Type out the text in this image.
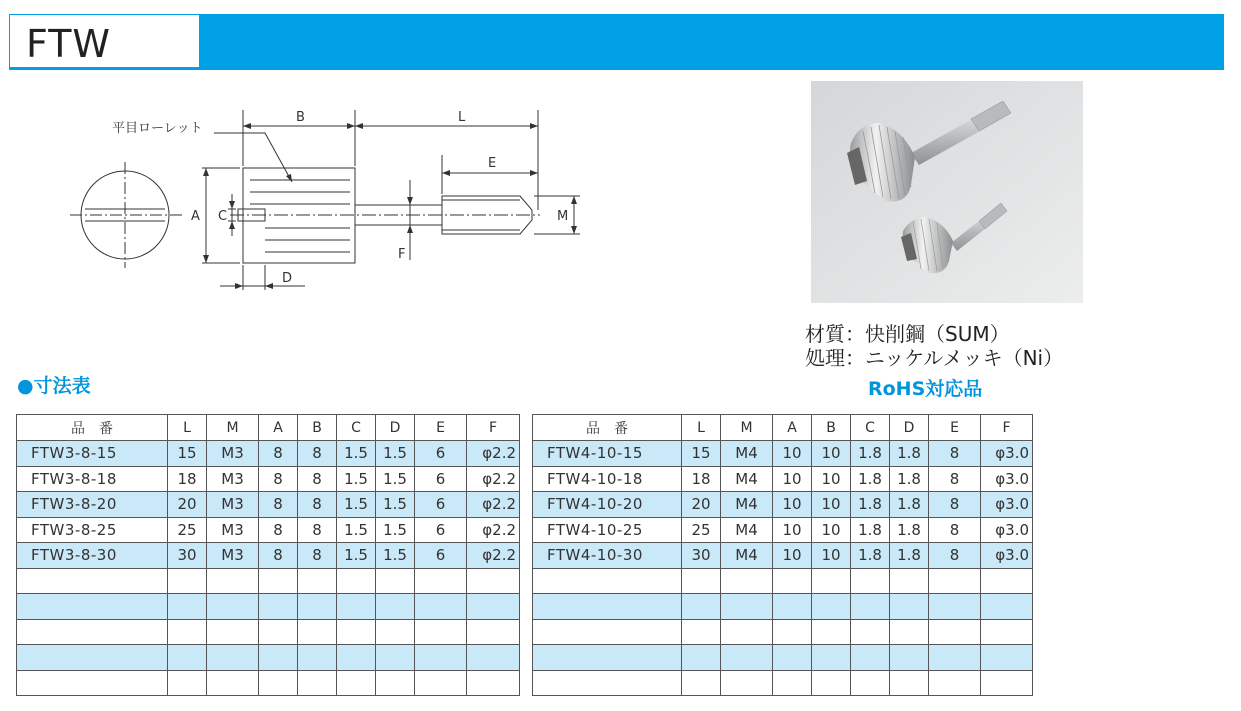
FTW
平目ローレット
B	L
E
A C
F
M
D
材質：快削鋼（SUM）
処理：ニッケルメッキ（Ni）
RoHS対応品
●寸法表
品　番	L	M	A	B	C	D	E	F
FTW3-8-15	15	M3	8	8	1.5	1.5	6	φ2.2
FTW3-8-18	18	M3	8	8	1.5	1.5	6	φ2.2
FTW3-8-20	20	M3	8	8	1.5	1.5	6	φ2.2
FTW3-8-25	25	M3	8	8	1.5	1.5	6	φ2.2
FTW3-8-30	30	M3	8	8	1.5	1.5	6	φ2.2

品　番	L	M	A	B	C	D	E	F
FTW4-10-15	15	M4	10	10	1.8	1.8	8	φ3.0
FTW4-10-18	18	M4	10	10	1.8	1.8	8	φ3.0
FTW4-10-20	20	M4	10	10	1.8	1.8	8	φ3.0
FTW4-10-25	25	M4	10	10	1.8	1.8	8	φ3.0
FTW4-10-30	30	M4	10	10	1.8	1.8	8	φ3.0
